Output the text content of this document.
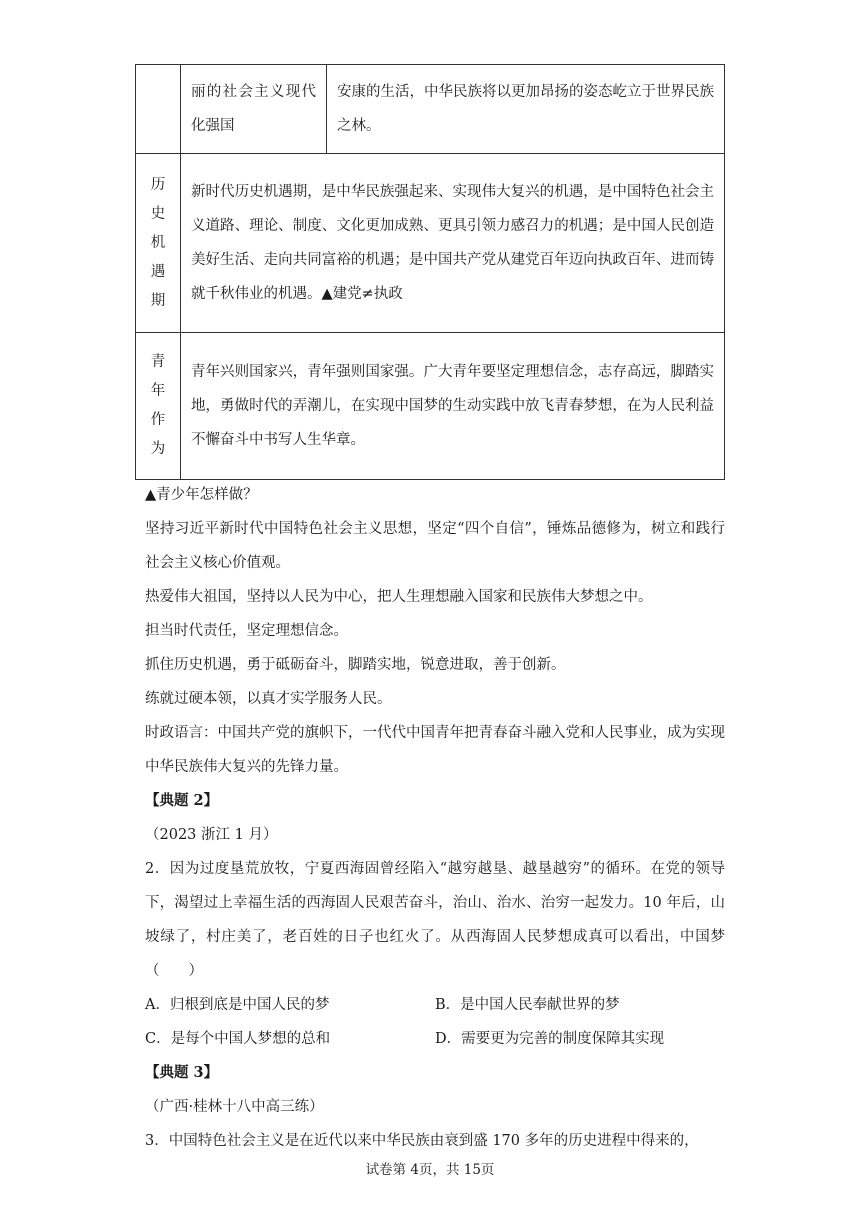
	丽的社会主义现代化强国	安康的生活，中华民族将以更加昂扬的姿态屹立于世界民族之林。

历
史
机
遇
期	新时代历史机遇期，是中华民族强起来、实现伟大复兴的机遇，是中国特色社会主义道路、理论、制度、文化更加成熟、更具引领力感召力的机遇；是中国人民创造美好生活、走向共同富裕的机遇；是中国共产党从建党百年迈向执政百年、进而铸就千秋伟业的机遇。▲建党≠执政	

青
年
作
为	青年兴则国家兴，青年强则国家强。广大青年要坚定理想信念，志存高远，脚踏实地，勇做时代的弄潮儿，在实现中国梦的生动实践中放飞青春梦想，在为人民利益不懈奋斗中书写人生华章。	

▲青少年怎样做？

坚持习近平新时代中国特色社会主义思想，坚定“四个自信”，锤炼品德修为，树立和践行社会主义核心价值观。

热爱伟大祖国，坚持以人民为中心，把人生理想融入国家和民族伟大梦想之中。

担当时代责任，坚定理想信念。

抓住历史机遇，勇于砥砺奋斗，脚踏实地，锐意进取，善于创新。

练就过硬本领，以真才实学服务人民。

时政语言：中国共产党的旗帜下，一代代中国青年把青春奋斗融入党和人民事业，成为实现中华民族伟大复兴的先锋力量。

【典题 2】

（2023 浙江 1 月）

2．因为过度垦荒放牧，宁夏西海固曾经陷入“越穷越垦、越垦越穷”的循环。在党的领导下，渴望过上幸福生活的西海固人民艰苦奋斗，治山、治水、治穷一起发力。10 年后，山坡绿了，村庄美了，老百姓的日子也红火了。从西海固人民梦想成真可以看出，中国梦（　　）

A．归根到底是中国人民的梦	B．是中国人民奉献世界的梦
C．是每个中国人梦想的总和	D．需要更为完善的制度保障其实现

【典题 3】

（广西·桂林十八中高三练）

3．中国特色社会主义是在近代以来中华民族由衰到盛 170 多年的历史进程中得来的，

试卷第 4页，共 15页
